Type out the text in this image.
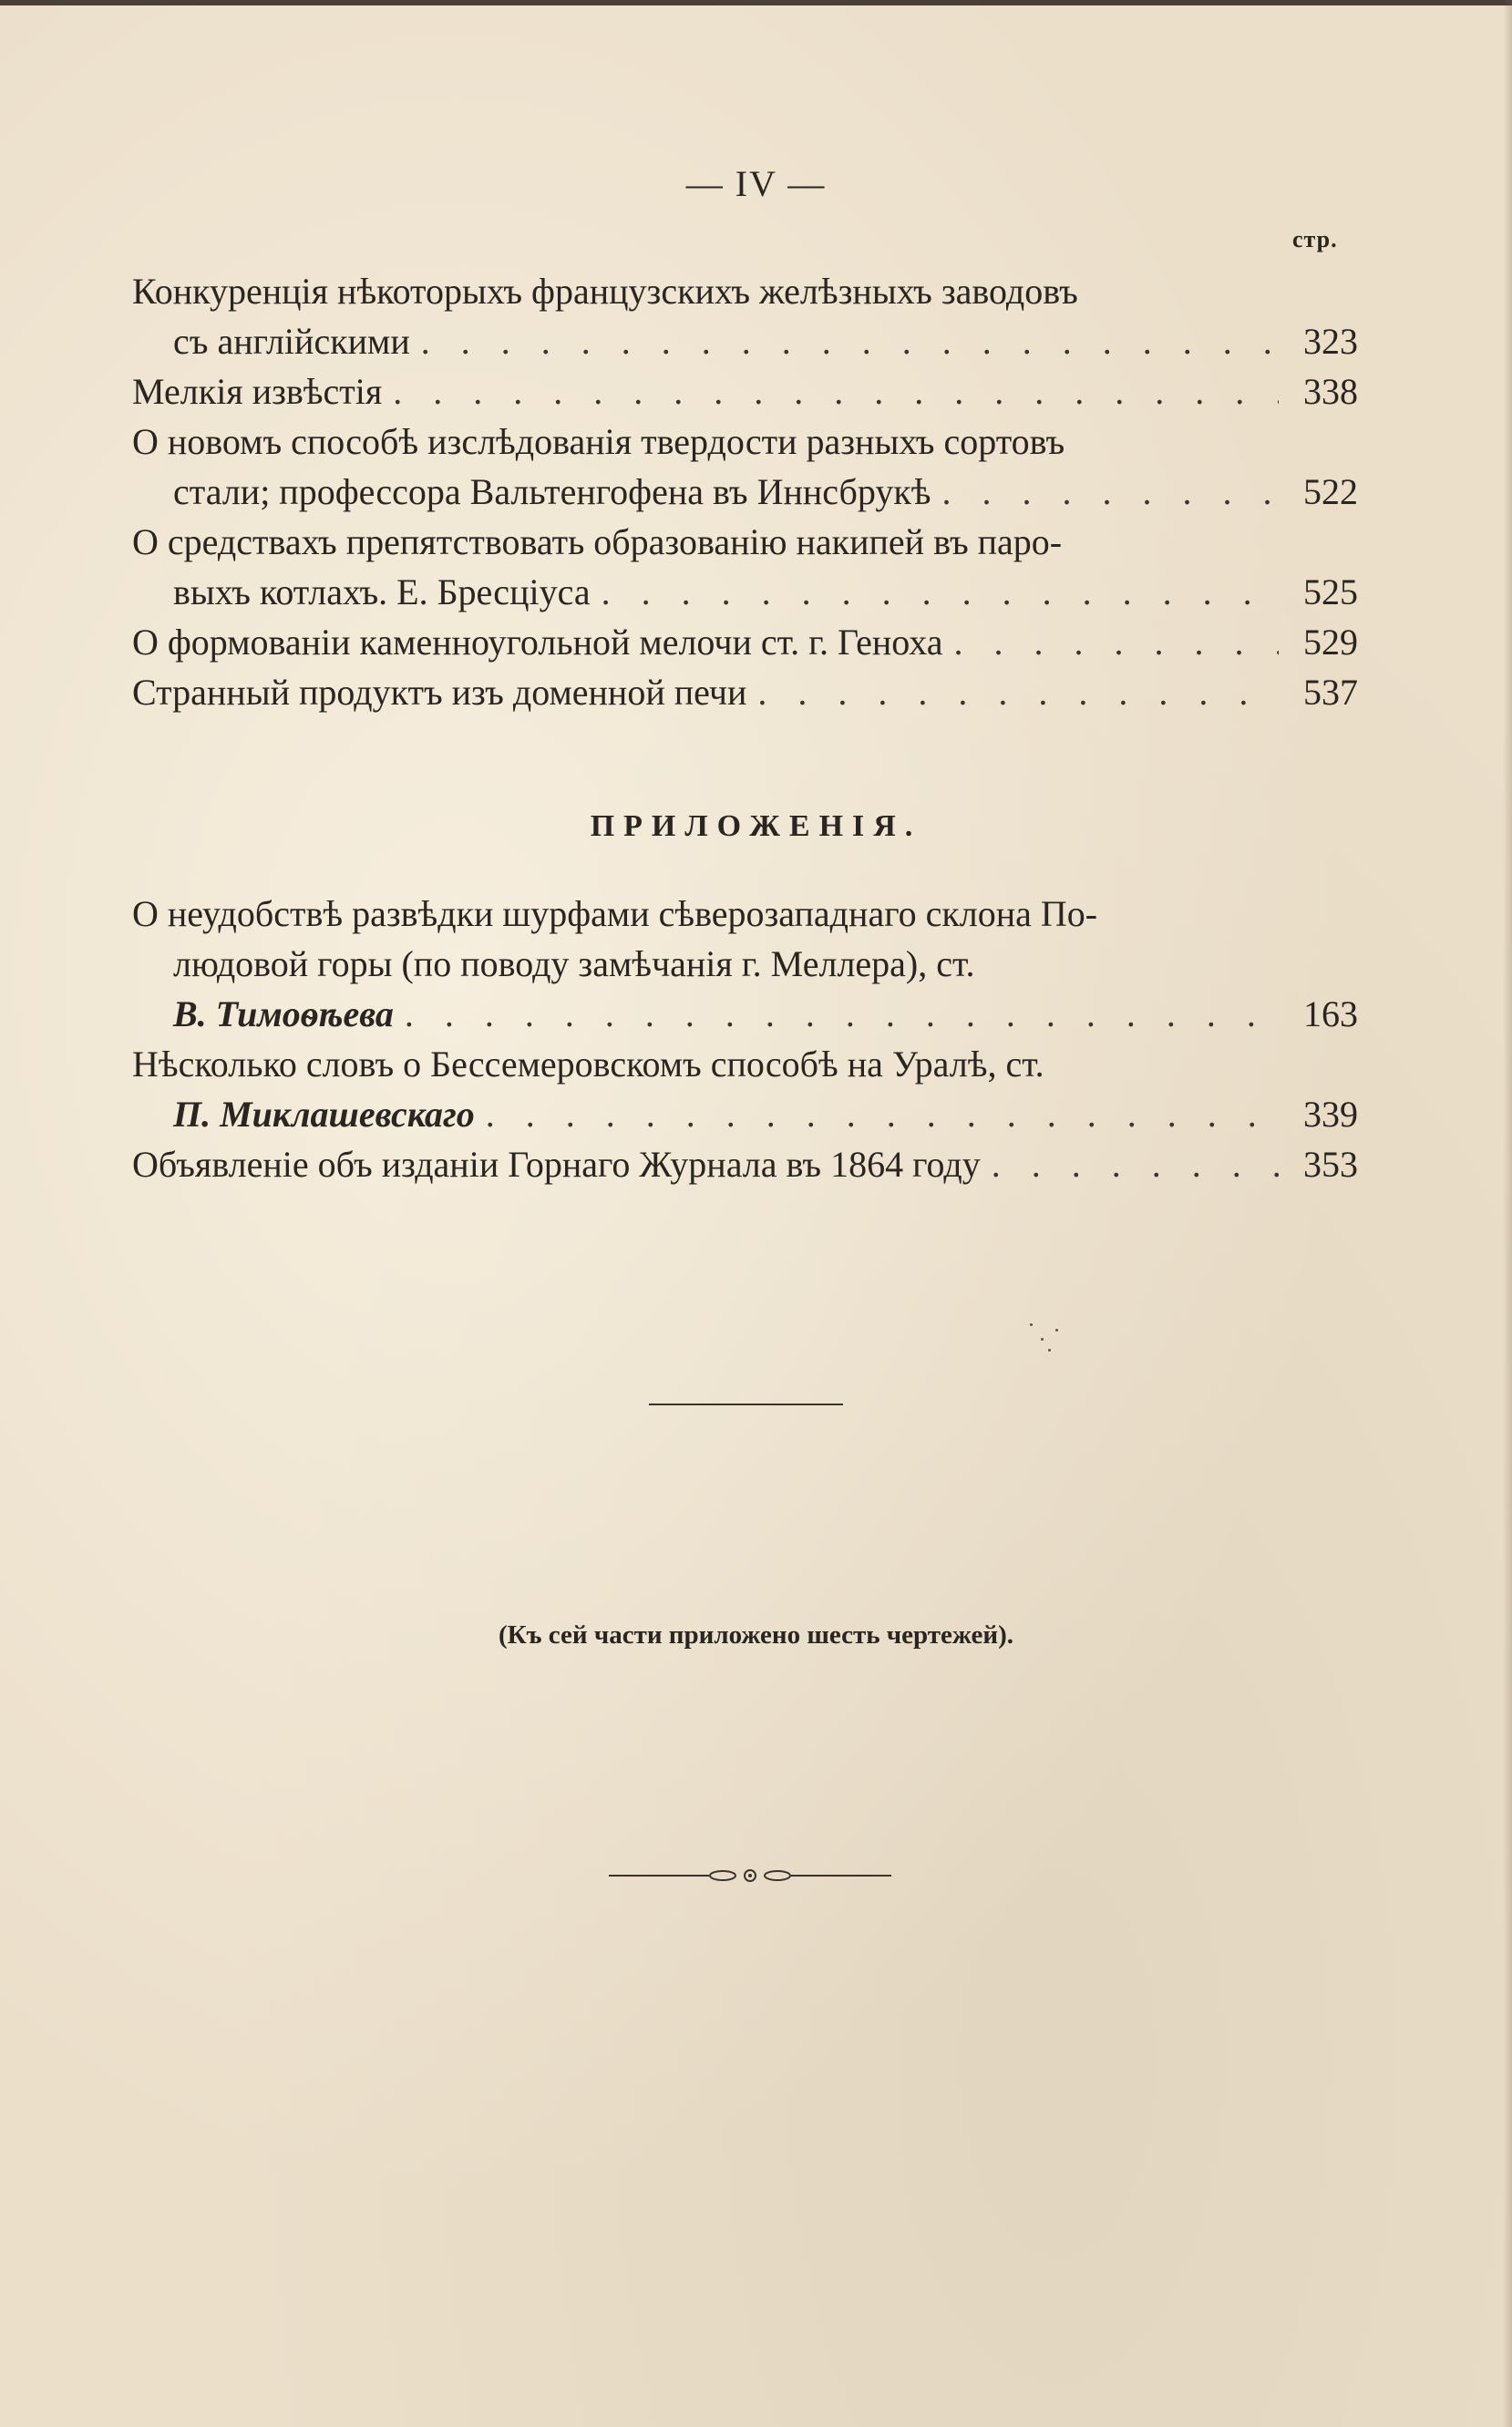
— IV —
стр.
Конкуренція нѣкоторыхъ французскихъ желѣзныхъ заводовъ
съ англійскими . . .	323
Мелкія извѣстія . . .	338
О новомъ способѣ изслѣдованія твердости разныхъ сортовъ
стали; профессора Вальтенгофена въ Иннсбрукѣ . . .	522
О средствахъ препятствовать образованію накипей въ паро-
выхъ котлахъ. Е. Бресціуса . . .	525
О формованіи каменноугольной мелочи ст. г. Геноха . . .	529
Странный продуктъ изъ доменной печи . . .	537
ПРИЛОЖЕНІЯ.
О неудобствѣ развѣдки шурфами сѣверозападнаго склона По-
людовой горы (по поводу замѣчанія г. Меллера), ст.
В. Тимоѳѣева . . .	163
Нѣсколько словъ о Бессемеровскомъ способѣ на Уралѣ, ст.
П. Миклашевскаго . . .	339
Объявленіе объ изданіи Горнаго Журнала въ 1864 году . . .	353
(Къ сей части приложено шесть чертежей).
